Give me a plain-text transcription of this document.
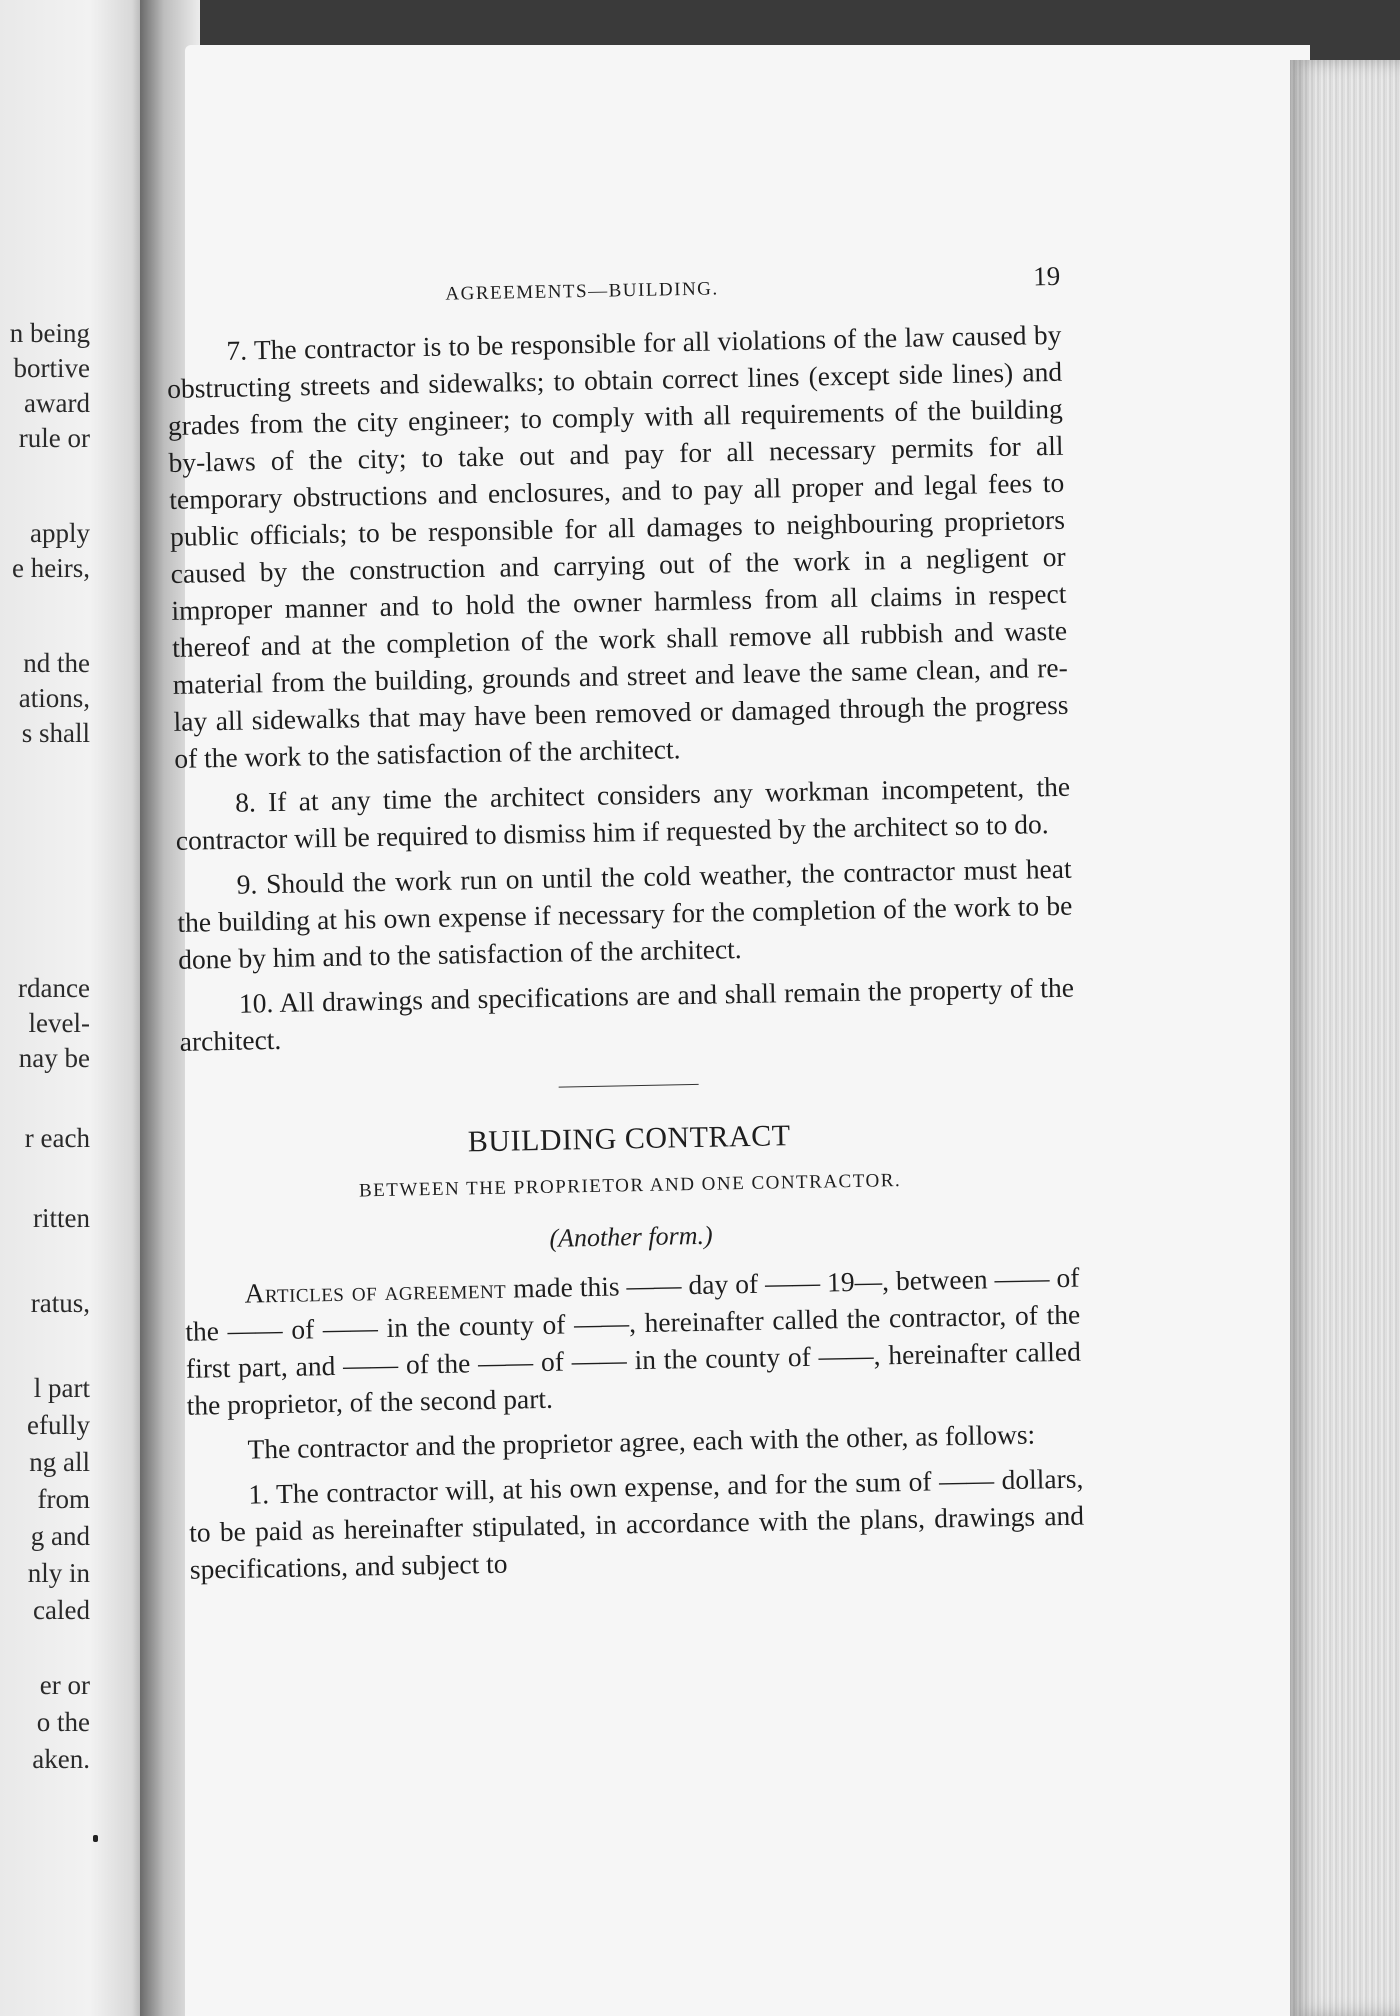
n being
bortive
award
rule or
apply
e heirs,
nd the
ations,
s shall
rdance
level-
nay be
r each
ritten
ratus,
l part
efully
ng all
from
g and
nly in
caled
er or
o the
aken.
AGREEMENTS—BUILDING.
19

7. The contractor is to be responsible for all violations of the law caused by obstructing streets and sidewalks; to obtain correct lines (except side lines) and grades from the city engineer; to comply with all requirements of the building by-laws of the city; to take out and pay for all necessary permits for all temporary obstructions and enclosures, and to pay all proper and legal fees to public officials; to be responsible for all damages to neighbouring proprietors caused by the construction and carrying out of the work in a negligent or improper manner and to hold the owner harmless from all claims in respect thereof and at the completion of the work shall remove all rubbish and waste material from the building, grounds and street and leave the same clean, and re-lay all sidewalks that may have been removed or damaged through the progress of the work to the satisfaction of the architect.

8. If at any time the architect considers any workman incompetent, the contractor will be required to dismiss him if requested by the architect so to do.

9. Should the work run on until the cold weather, the contractor must heat the building at his own expense if necessary for the completion of the work to be done by him and to the satisfaction of the architect.

10. All drawings and specifications are and shall remain the property of the architect.

BUILDING CONTRACT
BETWEEN THE PROPRIETOR AND ONE CONTRACTOR.
(Another form.)

Articles of agreement made this —— day of —— 19—, between —— of the —— of —— in the county of ——, hereinafter called the contractor, of the first part, and —— of the —— of —— in the county of ——, hereinafter called the proprietor, of the second part.

The contractor and the proprietor agree, each with the other, as follows:

1. The contractor will, at his own expense, and for the sum of —— dollars, to be paid as hereinafter stipulated, in accordance with the plans, drawings and specifications, and subject to
